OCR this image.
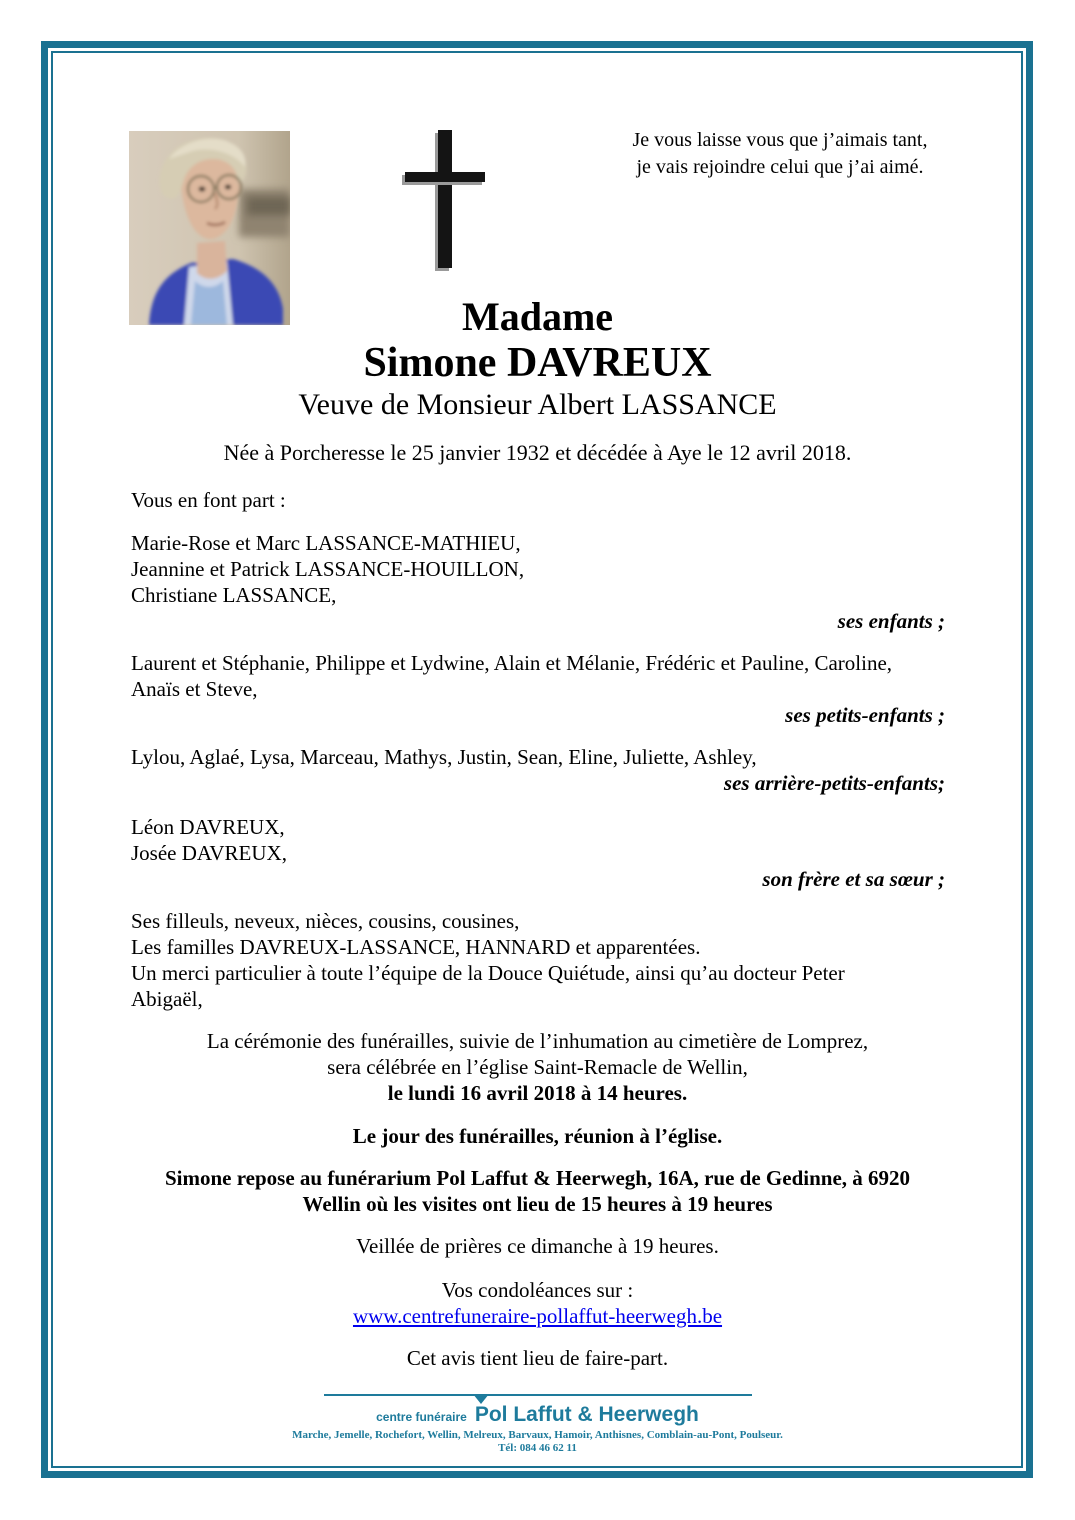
Je vous laisse vous que j’aimais tant,
je vais rejoindre celui que j’ai aimé.
Madame
Simone DAVREUX
Veuve de Monsieur Albert LASSANCE
Née à Porcheresse le 25 janvier 1932 et décédée à Aye le 12 avril 2018.
Vous en font part :
Marie-Rose et Marc LASSANCE-MATHIEU,
Jeannine et Patrick LASSANCE-HOUILLON,
Christiane LASSANCE,
ses enfants ;
Laurent et Stéphanie, Philippe et Lydwine, Alain et Mélanie, Frédéric et Pauline, Caroline,
Anaïs et Steve,
ses petits-enfants ;
Lylou, Aglaé, Lysa, Marceau, Mathys, Justin, Sean, Eline, Juliette, Ashley,
ses arrière-petits-enfants;
Léon DAVREUX,
Josée DAVREUX,
son frère et sa sœur ;
Ses filleuls, neveux, nièces, cousins, cousines,
Les familles DAVREUX-LASSANCE, HANNARD et apparentées.
Un merci particulier à toute l’équipe de la Douce Quiétude, ainsi qu’au docteur Peter
Abigaël,
La cérémonie des funérailles, suivie de l’inhumation au cimetière de Lomprez,
sera célébrée en l’église Saint-Remacle de Wellin,
le lundi 16 avril 2018 à 14 heures.
Le jour des funérailles, réunion à l’église.
Simone repose au funérarium Pol Laffut & Heerwegh, 16A, rue de Gedinne, à 6920
Wellin où les visites ont lieu de 15 heures à 19 heures
Veillée de prières ce dimanche à 19 heures.
Vos condoléances sur :
www.centrefuneraire-pollaffut-heerwegh.be
Cet avis tient lieu de faire-part.
centre funéraire Pol Laffut & Heerwegh
Marche, Jemelle, Rochefort, Wellin, Melreux, Barvaux, Hamoir, Anthisnes, Comblain-au-Pont, Poulseur.
Tél: 084 46 62 11
